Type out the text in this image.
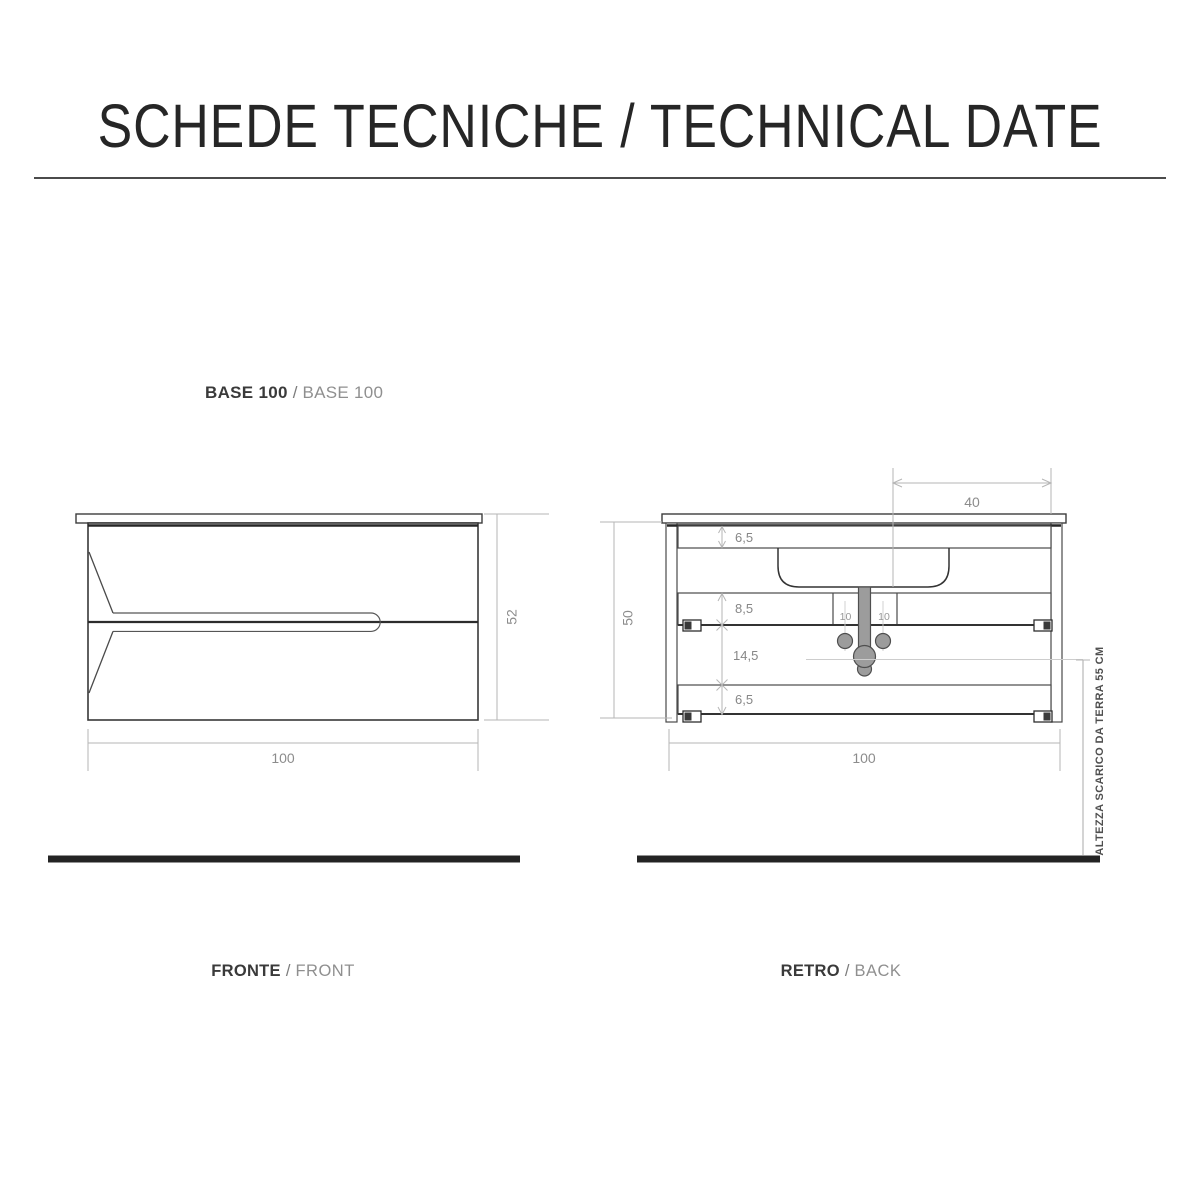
SCHEDE TECNICHE / TECHNICAL DATE
BASE 100 / BASE 100
52
100
50
40
6,5
8,5
14,5
6,5
10	10
100	ALTEZZA SCARICO DA TERRA 55 CM
FRONTE / FRONT	RETRO / BACK
